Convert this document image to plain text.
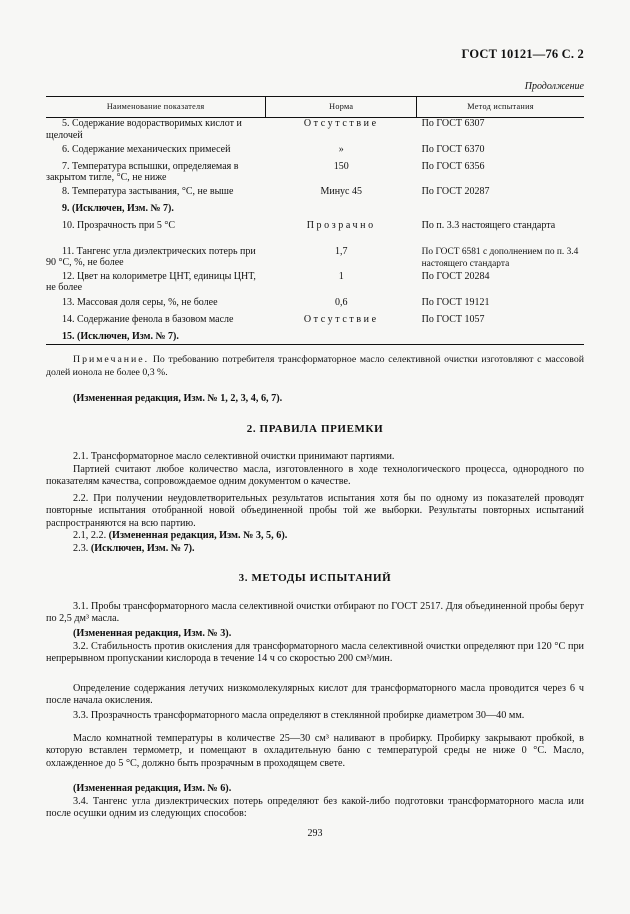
ГОСТ 10121—76 С. 2
Продолжение
Наименование показателя	Норма	Метод испытания

5. Содержание водорастворимых кислот и щелочей	Отсутствие	По ГОСТ 6307

6. Содержание механических примесей	»	По ГОСТ 6370

7. Температура вспышки, определяемая в закрытом тигле, °С, не ниже	150	По ГОСТ 6356

8. Температура застывания, °С, не выше	Минус 45	По ГОСТ 20287

9. (Исключен, Изм. № 7).		

10. Прозрачность при 5 °С	Прозрачно	По п. 3.3 настоящего стандарта

11. Тангенс угла диэлектрических потерь при 90 °С, %, не более	1,7	По ГОСТ 6581 с дополнением по п. 3.4 настоящего стандарта

12. Цвет на колориметре ЦНТ, единицы ЦНТ, не более	1	По ГОСТ 20284

13. Массовая доля серы, %, не более	0,6	По ГОСТ 19121

14. Содержание фенола в базовом масле	Отсутствие	По ГОСТ 1057

15. (Исключен, Изм. № 7).		

Примечание. По требованию потребителя трансформаторное масло селективной очистки изготовляют с массовой долей ионола не более 0,3 %.

(Измененная редакция, Изм. № 1, 2, 3, 4, 6, 7).

2. ПРАВИЛА ПРИЕМКИ

2.1. Трансформаторное масло селективной очистки принимают партиями.

Партией считают любое количество масла, изготовленного в ходе технологического процесса, однородного по показателям качества, сопровождаемое одним документом о качестве.

2.2. При получении неудовлетворительных результатов испытания хотя бы по одному из показателей проводят повторные испытания отобранной новой объединенной пробы той же выборки. Результаты повторных испытаний распространяются на всю партию.

2.1, 2.2. (Измененная редакция, Изм. № 3, 5, 6).

2.3. (Исключен, Изм. № 7).

3. МЕТОДЫ ИСПЫТАНИЙ

3.1. Пробы трансформаторного масла селективной очистки отбирают по ГОСТ 2517. Для объединенной пробы берут по 2,5 дм³ масла.

(Измененная редакция, Изм. № 3).

3.2. Стабильность против окисления для трансформаторного масла селективной очистки определяют при 120 °С при непрерывном пропускании кислорода в течение 14 ч со скоростью 200 см³/мин.

Определение содержания летучих низкомолекулярных кислот для трансформаторного масла проводится через 6 ч после начала окисления.

3.3. Прозрачность трансформаторного масла определяют в стеклянной пробирке диаметром 30—40 мм.

Масло комнатной температуры в количестве 25—30 см³ наливают в пробирку. Пробирку закрывают пробкой, в которую вставлен термометр, и помещают в охладительную баню с температурой среды не ниже 0 °С. Масло, охлажденное до 5 °С, должно быть прозрачным в проходящем свете.

(Измененная редакция, Изм. № 6).

3.4. Тангенс угла диэлектрических потерь определяют без какой-либо подготовки трансформаторного масла или после осушки одним из следующих способов:

293
